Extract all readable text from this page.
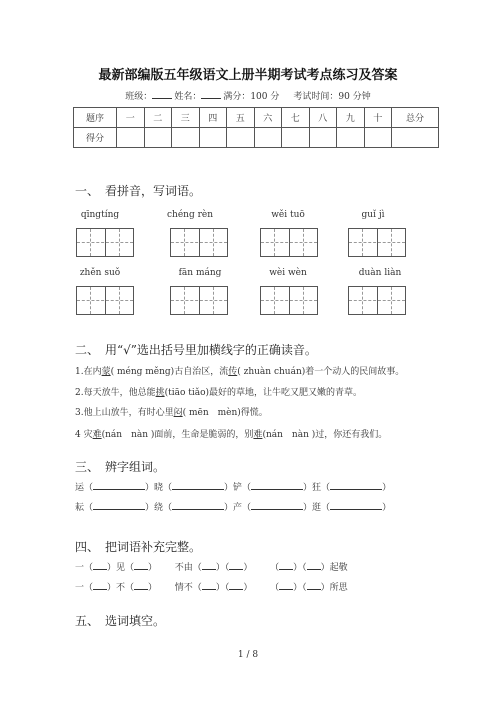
最新部编版五年级语文上册半期考试考点练习及答案
班级： 姓名： 满分：100 分 考试时间：90 分钟
题序	一	二	三	四	五	六	七	八	九	十	总分
得分											
一、 看拼音，写词语。
qīngtíng	chéng rèn	wěi tuō	guǐ jì
zhěn suǒ	fān máng	wèi wèn	duàn liàn
二、 用“√”选出括号里加横线字的正确读音。
1.在内蒙( méng měng)古自治区，流传( zhuàn chuán)着一个动人的民间故事。
2.每天放牛，他总能挑(tiāo tiǎo)最好的草地，让牛吃又肥又嫩的青草。
3.他上山放牛，有时心里闷( mēn　mèn)得慌。
4 灾难(nán　nàn )面前，生命是脆弱的，别难(nán　nàn )过，你还有我们。
三、 辨字组词。
运（	）晓（	）铲（	）狂（	）
耘（	）绕（	）产（	）逛（	）
四、 把词语补充完整。
一（ ）见（ ） 不由（ ）（ ） （ ）（ ）起敬
一（ ）不（ ） 情不（ ）（ ） （ ）（ ）所思
五、 选词填空。
1 / 8
